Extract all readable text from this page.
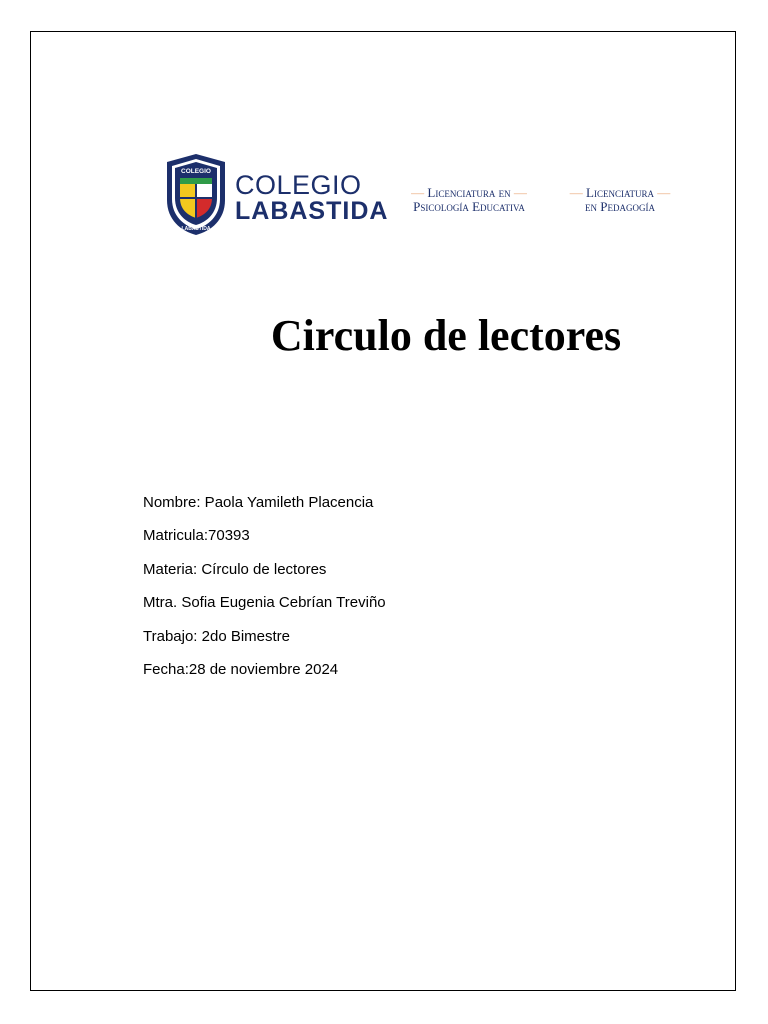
COLEGIO
LABASTIDA
COLEGIO
LABASTIDA
— Licenciatura en —
Psicología Educativa
— Licenciatura —
en Pedagogía
Circulo de lectores
Nombre: Paola Yamileth Placencia
Matricula:70393
Materia: Círculo de lectores
Mtra. Sofia Eugenia Cebrían Treviño
Trabajo: 2do Bimestre
Fecha:28 de noviembre 2024
